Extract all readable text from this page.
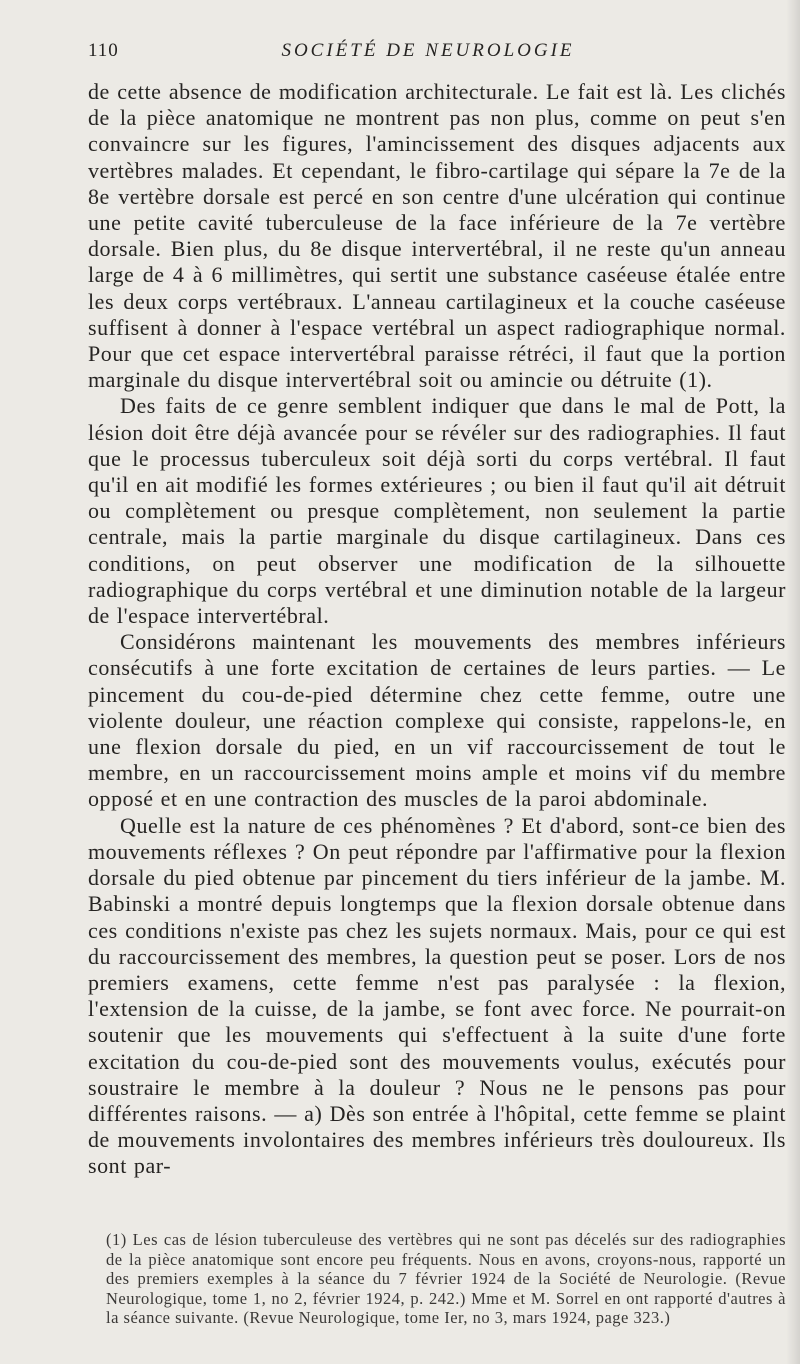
110	SOCIÉTÉ DE NEUROLOGIE

de cette absence de modification architecturale. Le fait est là. Les clichés de la pièce anatomique ne montrent pas non plus, comme on peut s'en convaincre sur les figures, l'amincissement des disques adjacents aux vertèbres malades. Et cependant, le fibro-cartilage qui sépare la 7e de la 8e vertèbre dorsale est percé en son centre d'une ulcération qui continue une petite cavité tuberculeuse de la face inférieure de la 7e vertèbre dorsale. Bien plus, du 8e disque intervertébral, il ne reste qu'un anneau large de 4 à 6 millimètres, qui sertit une substance caséeuse étalée entre les deux corps vertébraux. L'anneau cartilagineux et la couche caséeuse suffisent à donner à l'espace vertébral un aspect radiographique normal. Pour que cet espace intervertébral paraisse rétréci, il faut que la portion marginale du disque intervertébral soit ou amincie ou détruite (1).

Des faits de ce genre semblent indiquer que dans le mal de Pott, la lésion doit être déjà avancée pour se révéler sur des radiographies. Il faut que le processus tuberculeux soit déjà sorti du corps vertébral. Il faut qu'il en ait modifié les formes extérieures ; ou bien il faut qu'il ait détruit ou complètement ou presque complètement, non seulement la partie centrale, mais la partie marginale du disque cartilagineux. Dans ces conditions, on peut observer une modification de la silhouette radiographique du corps vertébral et une diminution notable de la largeur de l'espace intervertébral.

Considérons maintenant les mouvements des membres inférieurs consécutifs à une forte excitation de certaines de leurs parties. — Le pincement du cou-de-pied détermine chez cette femme, outre une violente douleur, une réaction complexe qui consiste, rappelons-le, en une flexion dorsale du pied, en un vif raccourcissement de tout le membre, en un raccourcissement moins ample et moins vif du membre opposé et en une contraction des muscles de la paroi abdominale.

Quelle est la nature de ces phénomènes ? Et d'abord, sont-ce bien des mouvements réflexes ? On peut répondre par l'affirmative pour la flexion dorsale du pied obtenue par pincement du tiers inférieur de la jambe. M. Babinski a montré depuis longtemps que la flexion dorsale obtenue dans ces conditions n'existe pas chez les sujets normaux. Mais, pour ce qui est du raccourcissement des membres, la question peut se poser. Lors de nos premiers examens, cette femme n'est pas paralysée : la flexion, l'extension de la cuisse, de la jambe, se font avec force. Ne pourrait-on soutenir que les mouvements qui s'effectuent à la suite d'une forte excitation du cou-de-pied sont des mouvements voulus, exécutés pour soustraire le membre à la douleur ? Nous ne le pensons pas pour différentes raisons. — a) Dès son entrée à l'hôpital, cette femme se plaint de mouvements involontaires des membres inférieurs très douloureux. Ils sont par-

(1) Les cas de lésion tuberculeuse des vertèbres qui ne sont pas décelés sur des radiographies de la pièce anatomique sont encore peu fréquents. Nous en avons, croyons-nous, rapporté un des premiers exemples à la séance du 7 février 1924 de la Société de Neurologie. (Revue Neurologique, tome 1, no 2, février 1924, p. 242.) Mme et M. Sorrel en ont rapporté d'autres à la séance suivante. (Revue Neurologique, tome Ier, no 3, mars 1924, page 323.)
